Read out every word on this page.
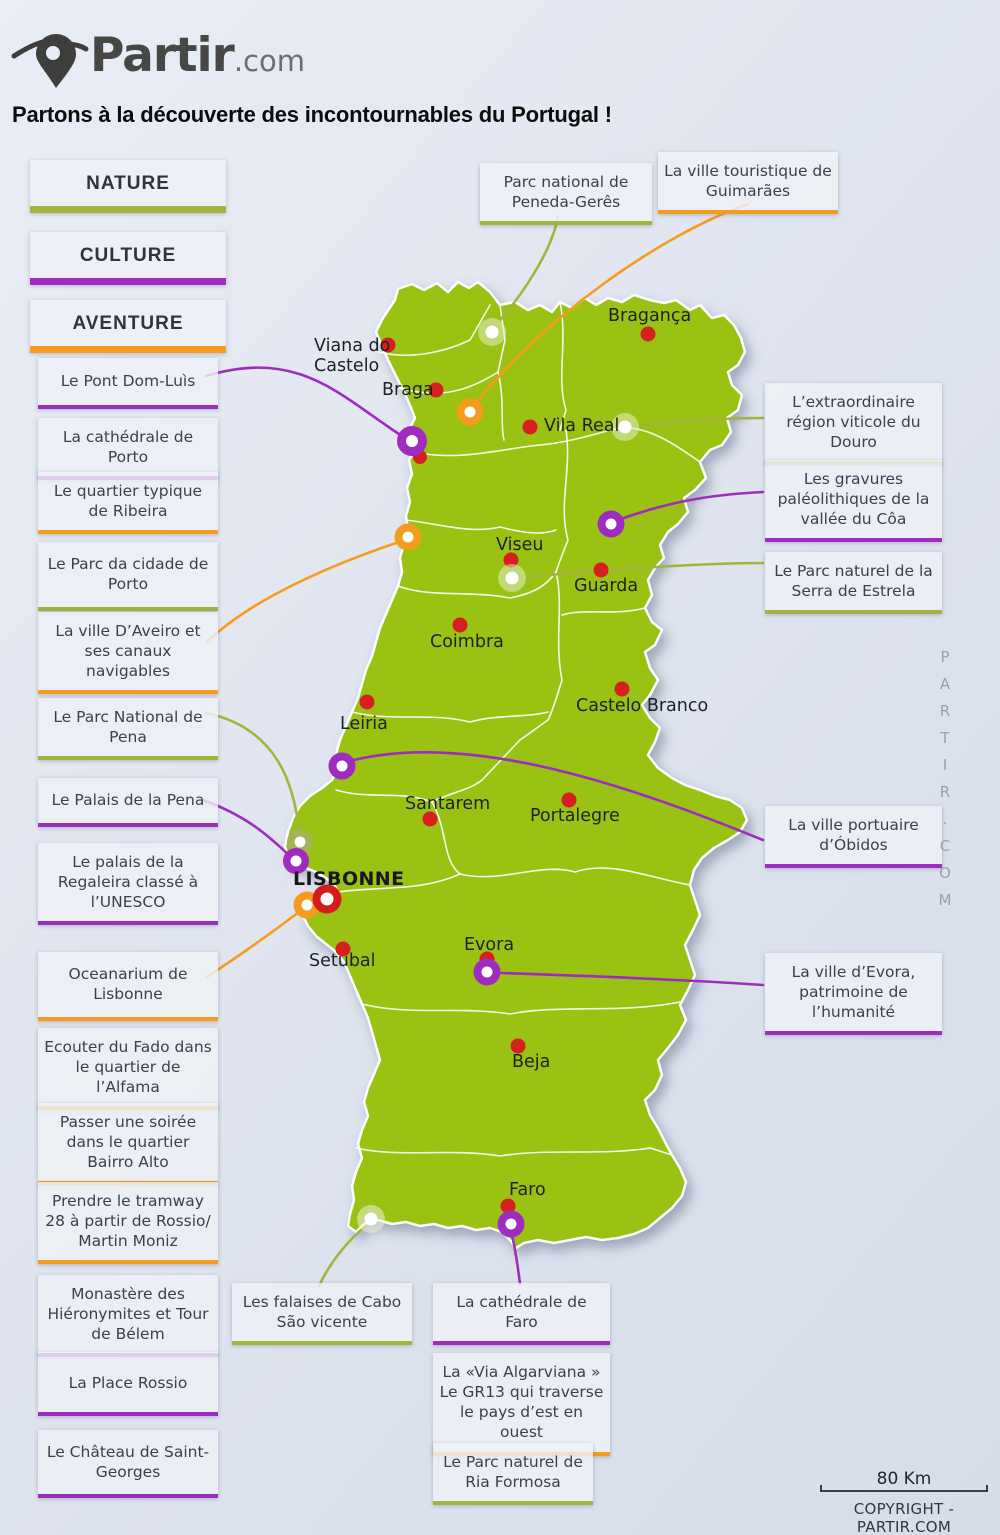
Partir.com
Partons à la découverte des incontournables du Portugal !
NATURE
CULTURE
AVENTURE
Parc national de Peneda-Gerês
La ville touristique de Guimarães
Le Pont Dom-Luìs
La cathédrale de Porto
Le quartier typique de Ribeira
Le Parc da cidade de Porto
La ville D’Aveiro et ses canaux navigables
Le Parc National de Pena
Le Palais de la Pena
Le palais de la Regaleira classé à l’UNESCO
Oceanarium de Lisbonne
Ecouter du Fado dans le quartier de l’Alfama
Passer une soirée dans le quartier Bairro Alto
Prendre le tramway 28 à partir de Rossio/ Martin Moniz
Monastère des Hiéronymites et Tour de Bélem
La Place Rossio
Le Château de Saint-Georges
L’extraordinaire région viticole du Douro
Les gravures paléolithiques de la vallée du Côa
Le Parc naturel de la Serra de Estrela
La ville portuaire d’Óbidos
La ville d’Evora, patrimoine de l’humanité
Les falaises de Cabo São vicente
La cathédrale de Faro
La «Via Algarviana » Le GR13 qui traverse le pays d’est en ouest
Le Parc naturel de Ria Formosa
Viana do Castelo
Braga
Bragança
Vila Real
Viseu
Guarda
Coimbra
Castelo Branco
Leiria
Santarem
Portalegre
Setubal
Evora
Beja
Faro
LISBONNE	PARTIR.COM
80 Km
COPYRIGHT - PARTIR.COM
